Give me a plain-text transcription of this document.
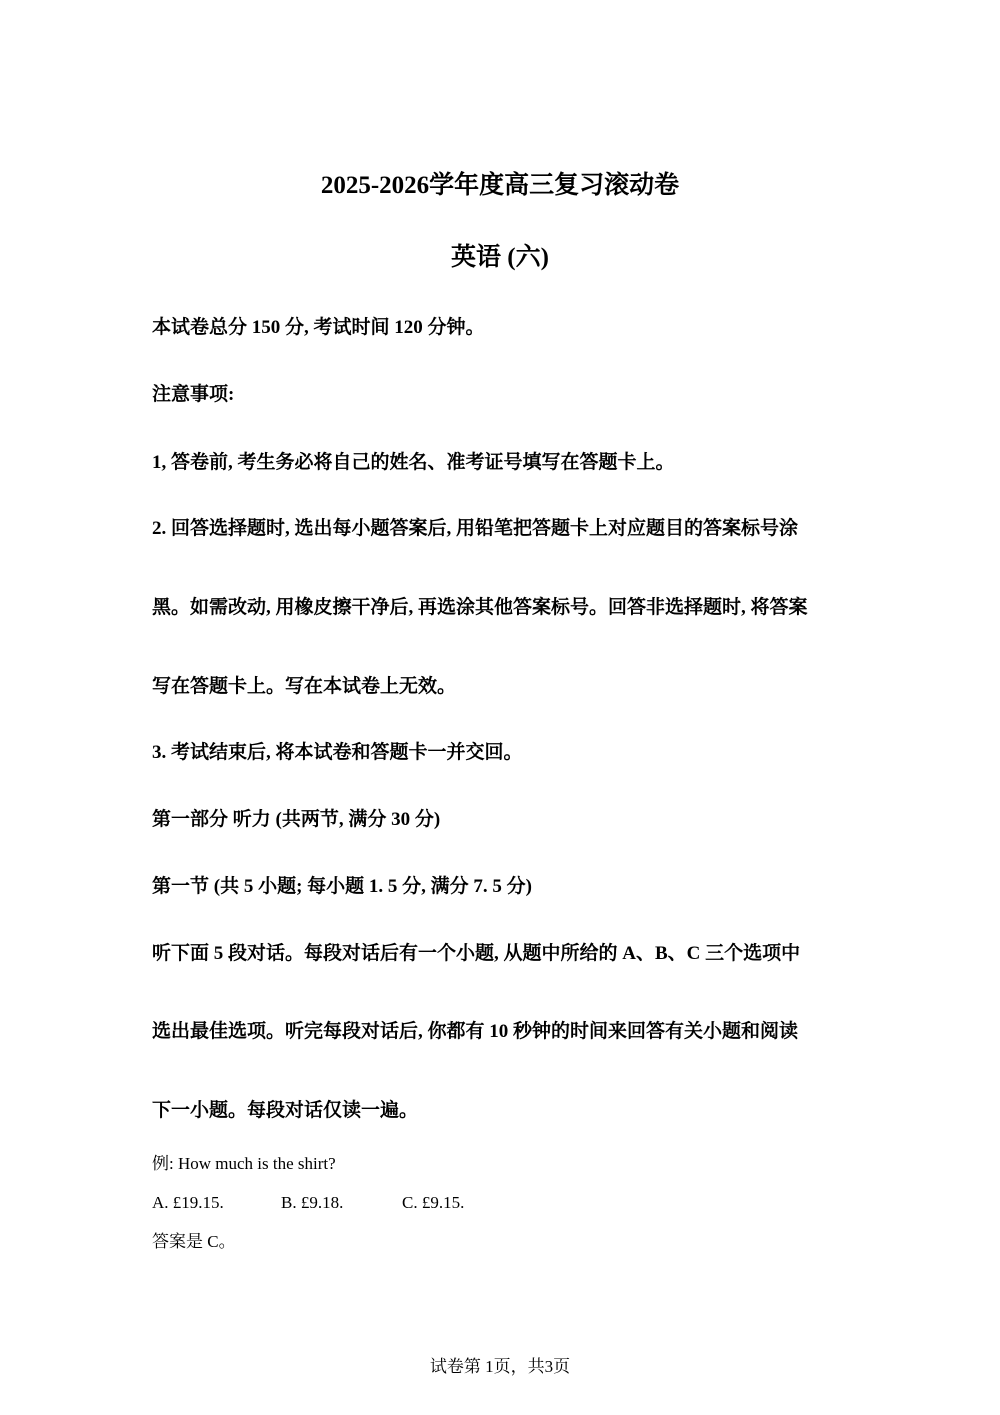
2025-2026学年度高三复习滚动卷
英语 (六)
本试卷总分 150 分, 考试时间 120 分钟。
注意事项:
1, 答卷前, 考生务必将自己的姓名、准考证号填写在答题卡上。
2. 回答选择题时, 选出每小题答案后, 用铅笔把答题卡上对应题目的答案标号涂
黑。如需改动, 用橡皮擦干净后, 再选涂其他答案标号。回答非选择题时, 将答案
写在答题卡上。写在本试卷上无效。
3. 考试结束后, 将本试卷和答题卡一并交回。
第一部分 听力 (共两节, 满分 30 分)
第一节 (共 5 小题; 每小题 1. 5 分, 满分 7. 5 分)
听下面 5 段对话。每段对话后有一个小题, 从题中所给的 A、B、C 三个选项中
选出最佳选项。听完每段对话后, 你都有 10 秒钟的时间来回答有关小题和阅读
下一小题。每段对话仅读一遍。
例: How much is the shirt?
A. £19.15.	B. £9.18.	C. £9.15.
答案是 C。
试卷第 1页，共3页
